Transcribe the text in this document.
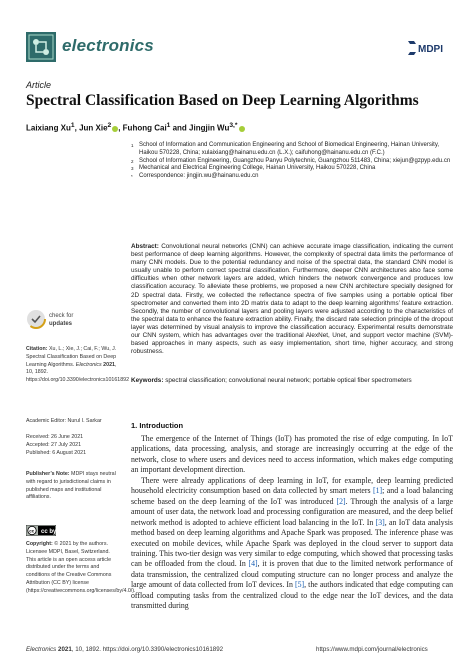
electronics	MDPI
Article
Spectral Classification Based on Deep Learning Algorithms
Laixiang Xu$^1$, Jun Xie$^2$ , Fuhong Cai$^1$ and Jingjin $Wu^{3,*}$
1 School of Information and Communication Engineering and School of Biomedical Engineering, Hainan University, Haikou 570228, China; xulaixiang@hainanu.edu.cn (L.X.); caifuhong@hainanu.edu.cn (F.C.)
2 School of Information Engineering, Guangzhou Panyu Polytechnic, Guangzhou 511483, China; xiejun@gzpyp.edu.cn
3 Mechanical and Electrical Engineering College, Hainan University, Haikou 570228, China
* Correspondence: jingjin.wu@hainanu.edu.cn
Abstract: Convolutional neural networks (CNN) can achieve accurate image classification, indicating the current best performance of deep learning algorithms. However, the complexity of spectral data limits the performance of many CNN models. Due to the potential redundancy and noise of the spectral data, the standard CNN model is usually unable to perform correct spectral classification. Furthermore, deeper CNN architectures also face some difficulties when other network layers are added, which hinders the network convergence and produces low classification accuracy. To alleviate these problems, we proposed a new CNN architecture specially designed for 2D spectral data. Firstly, we collected the reflectance spectra of five samples using a portable optical fiber spectrometer and converted them into 2D matrix data to adapt to the deep learning algorithms’ feature extraction. Secondly, the number of convolutional layers and pooling layers were adjusted according to the characteristics of the spectral data to enhance the feature extraction ability. Finally, the discard rate selection principle of the dropout layer was determined by visual analysis to improve the classification accuracy. Experimental results demonstrate our CNN system, which has advantages over the traditional AlexNet, Unet, and support vector machine (SVM)-based approaches in many aspects, such as easy implementation, short time, higher accuracy, and strong robustness.
Keywords: spectral classification; convolutional neural network; portable optical fiber spectrometers
check for
updates
Citation: Xu, L.; Xie, J.; Cai, F.; Wu, J. Spectral Classification Based on Deep Learning Algorithms. Electronics 2021, 10, 1892. https://doi.org/10.3390/electronics10161892
Academic Editor: Nurul I. Sarkar
Received: 26 June 2021
Accepted: 27 July 2021
Published: 6 August 2021
Publisher’s Note: MDPI stays neutral with regard to jurisdictional claims in published maps and institutional affiliations.
cc cc by
Copyright: © 2021 by the authors. Licensee MDPI, Basel, Switzerland. This article is an open access article distributed under the terms and conditions of the Creative Commons Attribution (CC BY) license (https://creativecommons.org/licenses/by/4.0/).
1. Introduction

The emergence of the Internet of Things (IoT) has promoted the rise of edge computing. In IoT applications, data processing, analysis, and storage are increasingly occurring at the edge of the network, close to where users and devices need to access information, which makes edge computing an important development direction.

There were already applications of deep learning in IoT, for example, deep learning predicted household electricity consumption based on data collected by smart meters [1]; and a load balancing scheme based on the deep learning of the IoT was introduced [2]. Through the analysis of a large amount of user data, the network load and processing configuration are measured, and the deep belief network method is adopted to achieve efficient load balancing in the IoT. In [3], an IoT data analysis method based on deep learning algorithms and Apache Spark was proposed. The inference phase was executed on mobile devices, while Apache Spark was deployed in the cloud server to support data training. This two-tier design was very similar to edge computing, which showed that processing tasks can be offloaded from the cloud. In [4], it is proven that due to the limited network performance of data transmission, the centralized cloud computing structure can no longer process and analyze the large amount of data collected from IoT devices. In [5], the authors indicated that edge computing can offload computing tasks from the centralized cloud to the edge near the IoT devices, and the data transmitted during

Electronics 2021, 10, 1892. https://doi.org/10.3390/electronics10161892	https://www.mdpi.com/journal/electronics
